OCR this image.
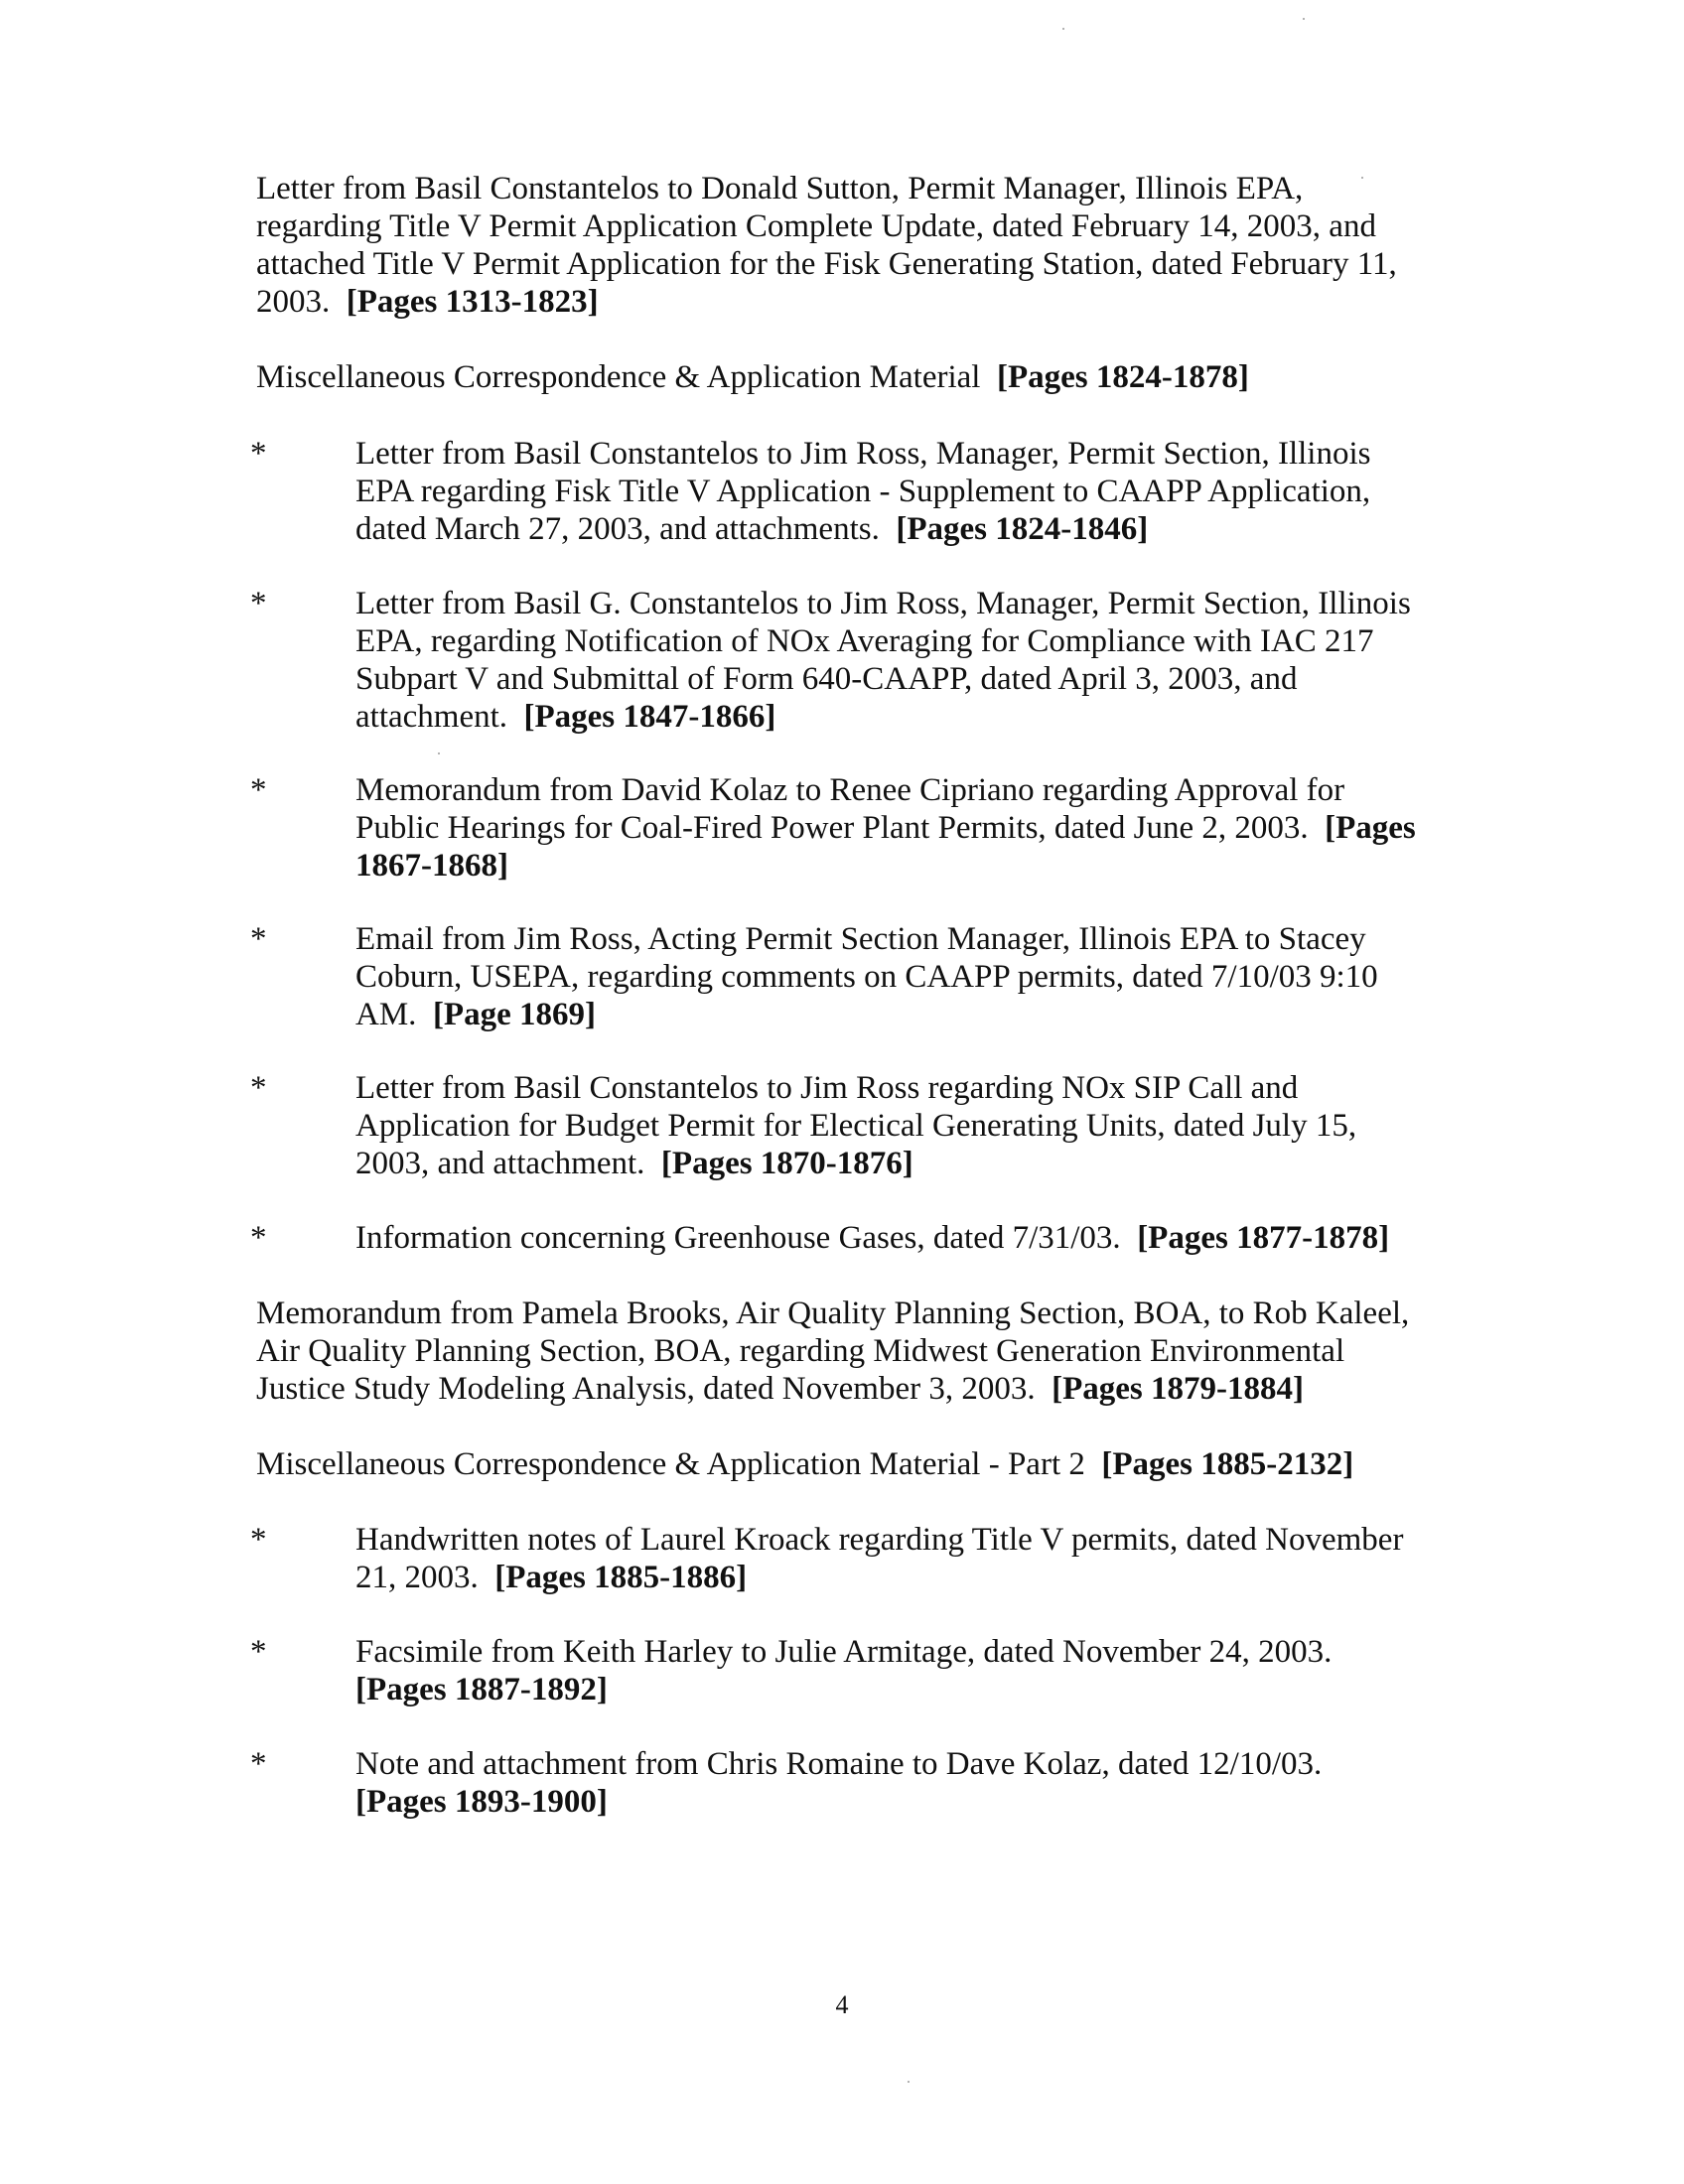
Letter from Basil Constantelos to Donald Sutton, Permit Manager, Illinois EPA, regarding Title V Permit Application Complete Update, dated February 14, 2003, and attached Title V Permit Application for the Fisk Generating Station, dated February 11, 2003. [Pages 1313-1823]

Miscellaneous Correspondence & Application Material [Pages 1824-1878]

*	Letter from Basil Constantelos to Jim Ross, Manager, Permit Section, Illinois EPA regarding Fisk Title V Application - Supplement to CAAPP Application, dated March 27, 2003, and attachments. [Pages 1824-1846]
*	Letter from Basil G. Constantelos to Jim Ross, Manager, Permit Section, Illinois EPA, regarding Notification of NOx Averaging for Compliance with IAC 217 Subpart V and Submittal of Form 640-CAAPP, dated April 3, 2003, and attachment. [Pages 1847-1866]
*	Memorandum from David Kolaz to Renee Cipriano regarding Approval for Public Hearings for Coal-Fired Power Plant Permits, dated June 2, 2003. [Pages 1867-1868]
*	Email from Jim Ross, Acting Permit Section Manager, Illinois EPA to Stacey Coburn, USEPA, regarding comments on CAAPP permits, dated 7/10/03 9:10 AM. [Page 1869]
*	Letter from Basil Constantelos to Jim Ross regarding NOx SIP Call and Application for Budget Permit for Electical Generating Units, dated July 15, 2003, and attachment. [Pages 1870-1876]
*	Information concerning Greenhouse Gases, dated 7/31/03. [Pages 1877-1878]

Memorandum from Pamela Brooks, Air Quality Planning Section, BOA, to Rob Kaleel, Air Quality Planning Section, BOA, regarding Midwest Generation Environmental Justice Study Modeling Analysis, dated November 3, 2003. [Pages 1879-1884]

Miscellaneous Correspondence & Application Material - Part 2 [Pages 1885-2132]

*	Handwritten notes of Laurel Kroack regarding Title V permits, dated November 21, 2003. [Pages 1885-1886]
*	Facsimile from Keith Harley to Julie Armitage, dated November 24, 2003.  [Pages 1887-1892]
*	Note and attachment from Chris Romaine to Dave Kolaz, dated 12/10/03.  [Pages 1893-1900]
4
